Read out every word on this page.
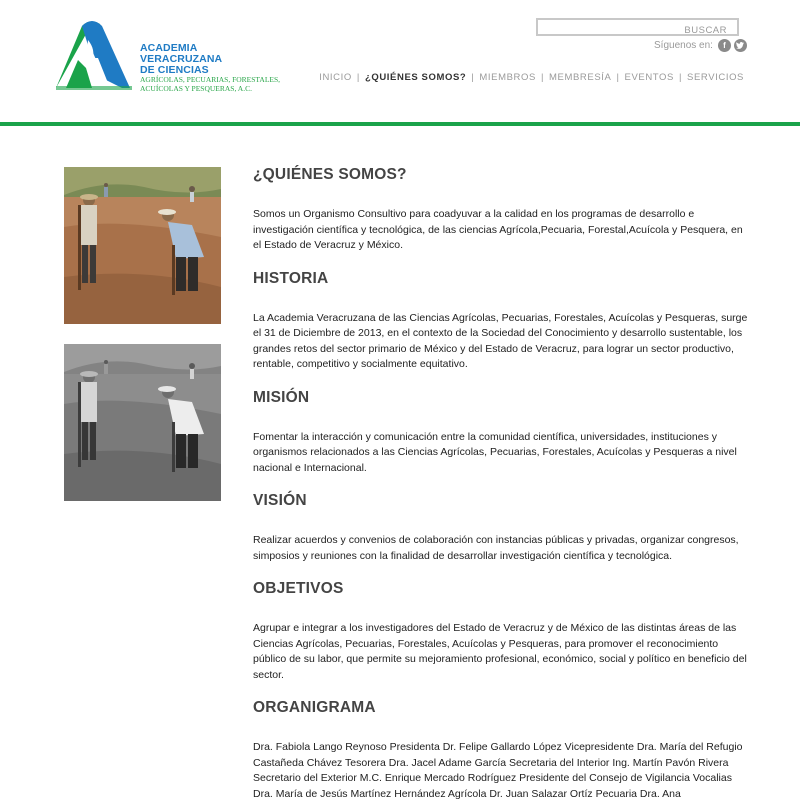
ACADEMIA VERACRUZANA
DE CIENCIAS
AGRÍCOLAS, PECUARIAS, FORESTALES,
ACUÍCOLAS Y PESQUERAS, A.C.
BUSCAR
Síguenos en:	f
INICIO | ¿QUIÉNES SOMOS? | MIEMBROS | MEMBRESÍA | EVENTOS | SERVICIOS
¿QUIÉNES SOMOS?

Somos un Organismo Consultivo para coadyuvar a la calidad en los programas de desarrollo e investigación científica y tecnológica, de las ciencias Agrícola,Pecuaria, Forestal,Acuícola y Pesquera, en el Estado de Veracruz y México.

HISTORIA

La Academia Veracruzana de las Ciencias Agrícolas, Pecuarias, Forestales, Acuícolas y Pesqueras, surge el 31 de Diciembre de 2013, en el contexto de la Sociedad del Conocimiento y desarrollo sustentable, los grandes retos del sector primario de México y del Estado de Veracruz, para lograr un sector productivo, rentable, competitivo y socialmente equitativo.

MISIÓN

Fomentar la interacción y comunicación entre la comunidad científica, universidades, instituciones y organismos relacionados a las Ciencias Agrícolas, Pecuarias, Forestales, Acuícolas y Pesqueras a nivel nacional e Internacional.

VISIÓN

Realizar acuerdos y convenios de colaboración con instancias públicas y privadas, organizar congresos, simposios y reuniones con la finalidad de desarrollar investigación científica y tecnológica.

OBJETIVOS

Agrupar e integrar a los investigadores del Estado de Veracruz y de México de las distintas áreas de las Ciencias Agrícolas, Pecuarias, Forestales, Acuícolas y Pesqueras, para promover el reconocimiento público de su labor, que permite su mejoramiento profesional, económico, social y político en beneficio del sector.

ORGANIGRAMA

Dra. Fabiola Lango Reynoso Presidenta Dr. Felipe Gallardo López Vicepresidente Dra. María del Refugio Castañeda Chávez Tesorera Dra. Jacel Adame García Secretaria del Interior Ing. Martín Pavón Rivera Secretario del Exterior M.C. Enrique Mercado Rodríguez Presidente del Consejo de Vigilancia Vocalias Dra. María de Jesús Martínez Hernández Agrícola Dr. Juan Salazar Ortíz Pecuaria Dra. Ana
